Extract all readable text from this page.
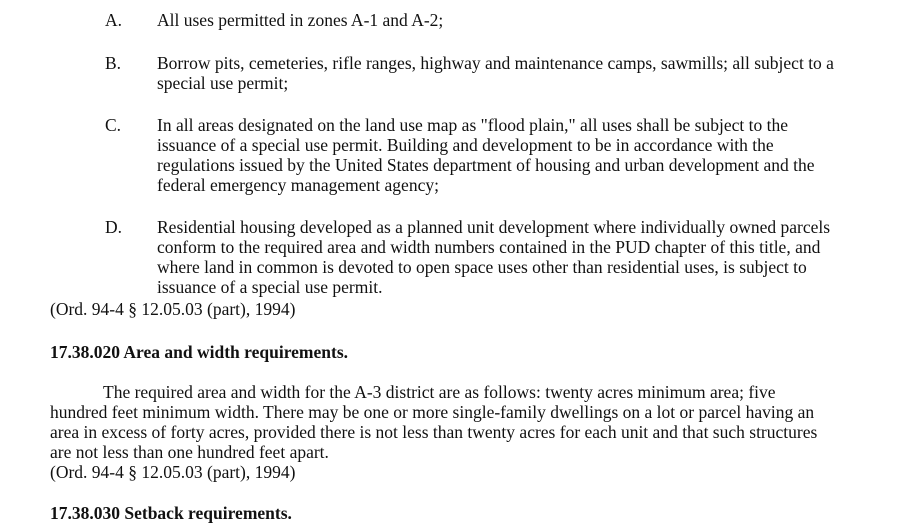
A. All uses permitted in zones A-1 and A-2;
B. Borrow pits, cemeteries, rifle ranges, highway and maintenance camps, sawmills; all subject to a
special use permit;
C. In all areas designated on the land use map as "flood plain," all uses shall be subject to the
issuance of a special use permit. Building and development to be in accordance with the
regulations issued by the United States department of housing and urban development and the
federal emergency management agency;
D. Residential housing developed as a planned unit development where individually owned parcels
conform to the required area and width numbers contained in the PUD chapter of this title, and
where land in common is devoted to open space uses other than residential uses, is subject to
issuance of a special use permit.
(Ord. 94-4 § 12.05.03 (part), 1994)
17.38.020 Area and width requirements.
The required area and width for the A-3 district are as follows: twenty acres minimum area; five
hundred feet minimum width. There may be one or more single-family dwellings on a lot or parcel having an
area in excess of forty acres, provided there is not less than twenty acres for each unit and that such structures
are not less than one hundred feet apart.
(Ord. 94-4 § 12.05.03 (part), 1994)
17.38.030 Setback requirements.
